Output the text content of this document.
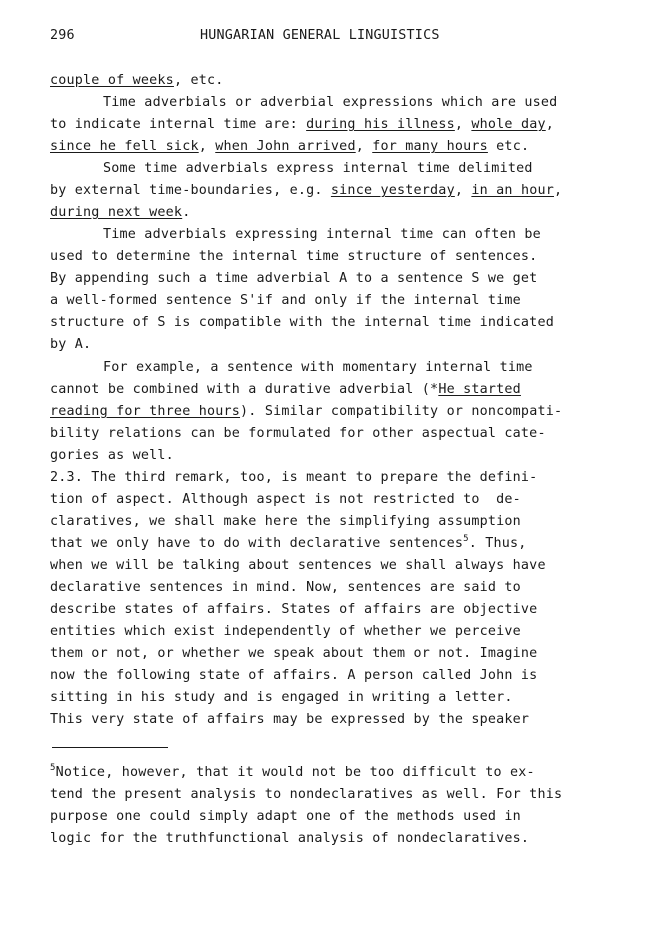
296	HUNGARIAN GENERAL LINGUISTICS
couple of weeks, etc.
Time adverbials or adverbial expressions which are used
to indicate internal time are: during his illness, whole day,
since he fell sick, when John arrived, for many hours etc.
Some time adverbials express internal time delimited
by external time-boundaries, e.g. since yesterday, in an hour,
during next week.
Time adverbials expressing internal time can often be
used to determine the internal time structure of sentences.
By appending such a time adverbial A to a sentence S we get
a well-formed sentence S'if and only if the internal time
structure of S is compatible with the internal time indicated
by A.
For example, a sentence with momentary internal time
cannot be combined with a durative adverbial (*He started
reading for three hours). Similar compatibility or noncompati-
bility relations can be formulated for other aspectual cate-
gories as well.
2.3. The third remark, too, is meant to prepare the defini-
tion of aspect. Although aspect is not restricted to  de-
claratives, we shall make here the simplifying assumption
that we only have to do with declarative sentences$^5$. Thus,
when we will be talking about sentences we shall always have
declarative sentences in mind. Now, sentences are said to
describe states of affairs. States of affairs are objective
entities which exist independently of whether we perceive
them or not, or whether we speak about them or not. Imagine
now the following state of affairs. A person called John is
sitting in his study and is engaged in writing a letter.
This very state of affairs may be expressed by the speaker
$^5$Notice, however, that it would not be too difficult to ex-
tend the present analysis to nondeclaratives as well. For this
purpose one could simply adapt one of the methods used in
logic for the truthfunctional analysis of nondeclaratives.
